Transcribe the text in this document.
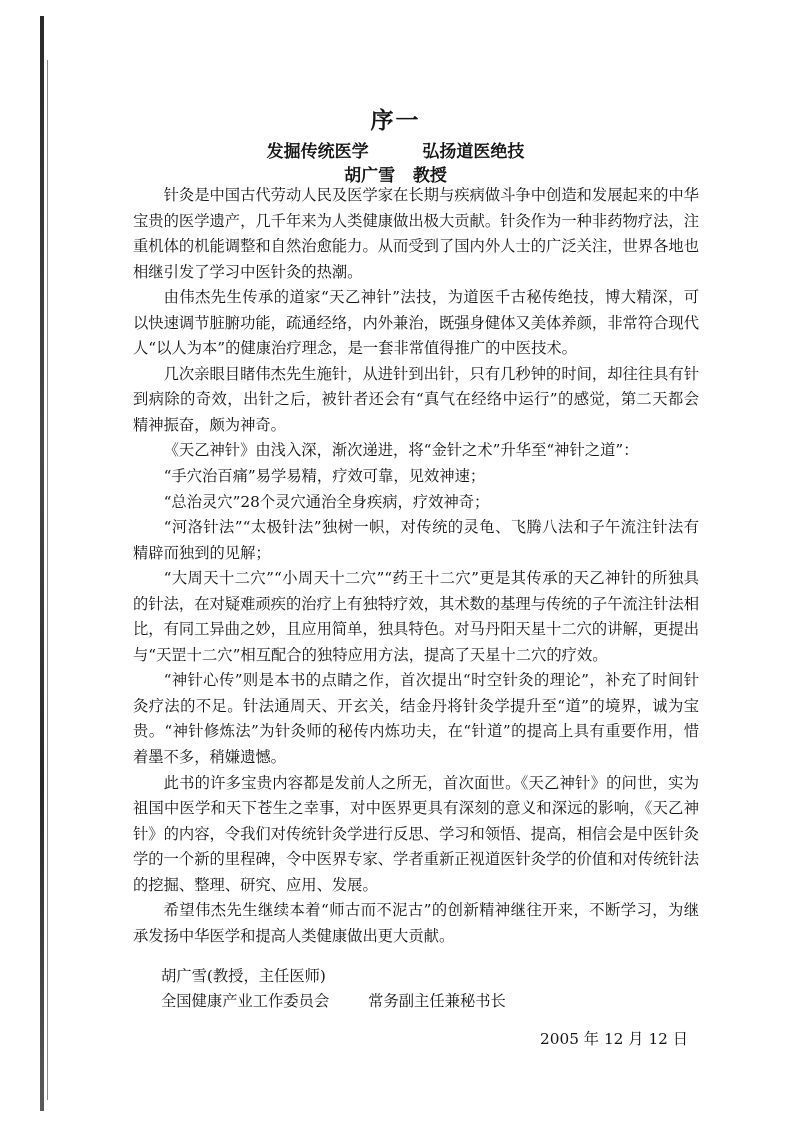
序一
发掘传统医学   弘扬道医绝技
胡广雪   教授

针灸是中国古代劳动人民及医学家在长期与疾病做斗争中创造和发展起来的中华宝贵的医学遗产，几千年来为人类健康做出极大贡献。针灸作为一种非药物疗法，注重机体的机能调整和自然治愈能力。从而受到了国内外人士的广泛关注，世界各地也相继引发了学习中医针灸的热潮。

由伟杰先生传承的道家“天乙神针”法技，为道医千古秘传绝技，博大精深，可以快速调节脏腑功能，疏通经络，内外兼治，既强身健体又美体养颜，非常符合现代人“以人为本”的健康治疗理念，是一套非常值得推广的中医技术。

几次亲眼目睹伟杰先生施针，从进针到出针，只有几秒钟的时间，却往往具有针到病除的奇效，出针之后，被针者还会有“真气在经络中运行”的感觉，第二天都会精神振奋，颇为神奇。

《天乙神针》由浅入深，渐次递进，将“金针之术”升华至“神针之道”：

“手穴治百痛”易学易精，疗效可靠，见效神速；

“总治灵穴”28个灵穴通治全身疾病，疗效神奇；

“河洛针法”“太极针法”独树一帜，对传统的灵龟、飞腾八法和子午流注针法有精辟而独到的见解；

“大周天十二穴”“小周天十二穴”“药王十二穴”更是其传承的天乙神针的所独具的针法，在对疑难顽疾的治疗上有独特疗效，其术数的基理与传统的子午流注针法相比，有同工异曲之妙，且应用简单，独具特色。对马丹阳天星十二穴的讲解，更提出与“天罡十二穴”相互配合的独特应用方法，提高了天星十二穴的疗效。

“神针心传”则是本书的点睛之作，首次提出“时空针灸的理论”，补充了时间针灸疗法的不足。针法通周天、开玄关，结金丹将针灸学提升至“道”的境界，诚为宝贵。“神针修炼法”为针灸师的秘传内炼功夫，在“针道”的提高上具有重要作用，惜着墨不多，稍嫌遗憾。

此书的许多宝贵内容都是发前人之所无，首次面世。《天乙神针》的问世，实为祖国中医学和天下苍生之幸事，对中医界更具有深刻的意义和深远的影响，《天乙神针》的内容，令我们对传统针灸学进行反思、学习和领悟、提高，相信会是中医针灸学的一个新的里程碑，令中医界专家、学者重新正视道医针灸学的价值和对传统针法的挖掘、整理、研究、应用、发展。

希望伟杰先生继续本着“师古而不泥古”的创新精神继往开来，不断学习，为继承发扬中华医学和提高人类健康做出更大贡献。

胡广雪(教授，主任医师)
全国健康产业工作委员会        常务副主任兼秘书长
2005 年 12 月 12 日
